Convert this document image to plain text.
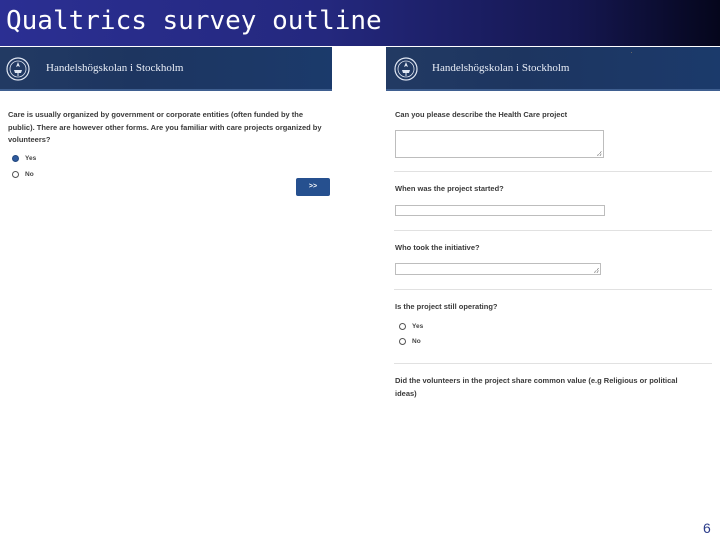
Qualtrics survey outline
Handelshögskolan i Stockholm
Care is usually organized by government or corporate entities (often funded by the public). There are however other forms. Are you familiar with care projects organized by volunteers?
Yes
No
>>
Handelshögskolan i Stockholm
Can you please describe the Health Care project
When was the project started?
Who took the initiative?
Is the project still operating?
Yes
No
Did the volunteers in the project share common value (e.g Religious or political ideas)
6
